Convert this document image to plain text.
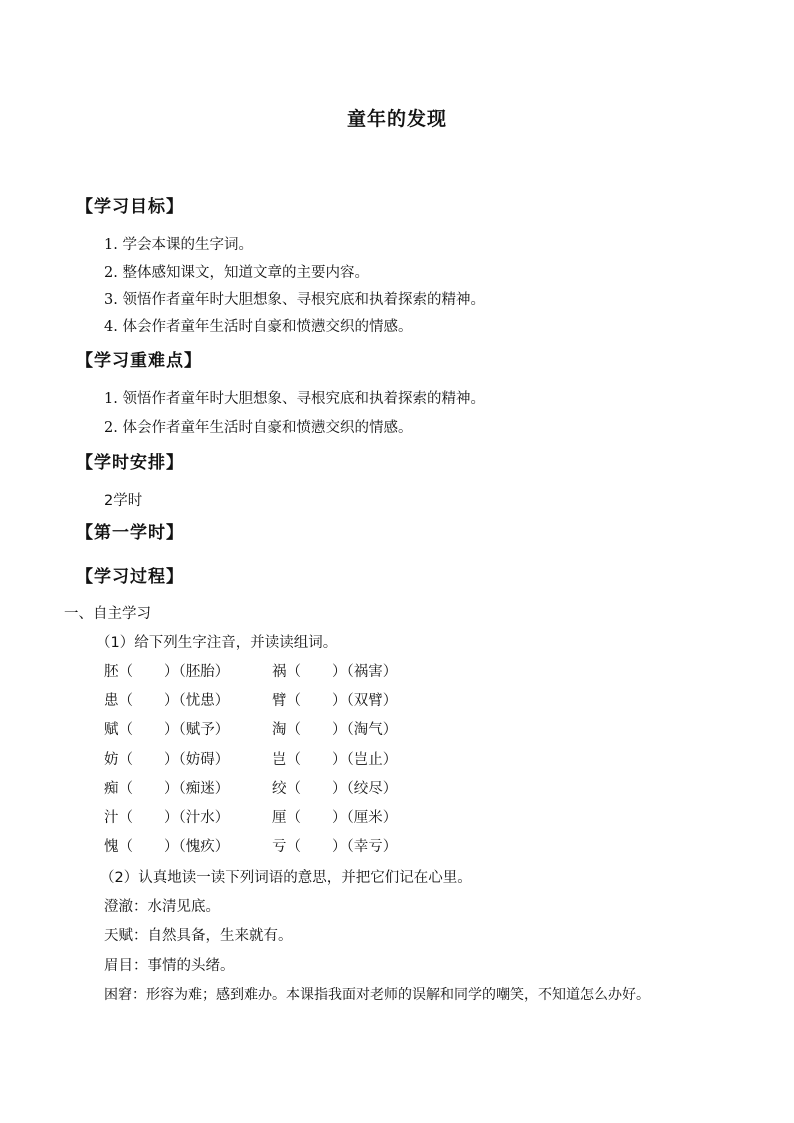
童年的发现
【学习目标】
1. 学会本课的生字词。
2. 整体感知课文，知道文章的主要内容。
3. 领悟作者童年时大胆想象、寻根究底和执着探索的精神。
4. 体会作者童年生活时自豪和愤懑交织的情感。
【学习重难点】
1. 领悟作者童年时大胆想象、寻根究底和执着探索的精神。
2. 体会作者童年生活时自豪和愤懑交织的情感。
【学时安排】
2学时
【第一学时】
【学习过程】
一、自主学习
（1）给下列生字注音，并读读组词。
胚（ ）（胚胎）	祸（ ）（祸害）
患（ ）（忧患）	臂（ ）（双臂）
赋（ ）（赋予）	淘（ ）（淘气）
妨（ ）（妨碍）	岂（ ）（岂止）
痴（ ）（痴迷）	绞（ ）（绞尽）
汁（ ）（汁水）	厘（ ）（厘米）
愧（ ）（愧疚）	亏（ ）（幸亏）
（2）认真地读一读下列词语的意思，并把它们记在心里。
澄澈：水清见底。
天赋：自然具备，生来就有。
眉目：事情的头绪。
困窘：形容为难；感到难办。本课指我面对老师的误解和同学的嘲笑，不知道怎么办好。
